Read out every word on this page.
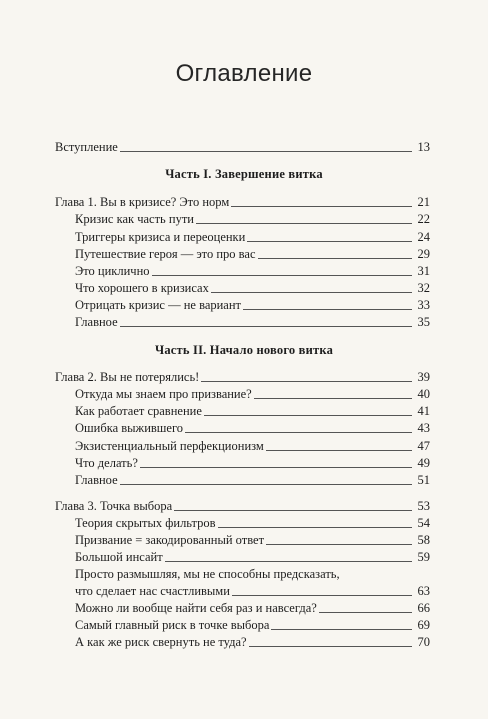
Оглавление
Вступление	13
Часть I. Завершение витка
Глава 1. Вы в кризисе? Это норм	21
Кризис как часть пути	22
Триггеры кризиса и переоценки	24
Путешествие героя — это про вас	29
Это циклично	31
Что хорошего в кризисах	32
Отрицать кризис — не вариант	33
Главное	35
Часть II. Начало нового витка
Глава 2. Вы не потерялись!	39
Откуда мы знаем про призвание?	40
Как работает сравнение	41
Ошибка выжившего	43
Экзистенциальный перфекционизм	47
Что делать?	49
Главное	51
Глава 3. Точка выбора	53
Теория скрытых фильтров	54
Призвание = закодированный ответ	58
Большой инсайт	59
Просто размышляя, мы не способны предсказать,
что сделает нас счастливыми	63
Можно ли вообще найти себя раз и навсегда?	66
Самый главный риск в точке выбора	69
А как же риск свернуть не туда?	70
